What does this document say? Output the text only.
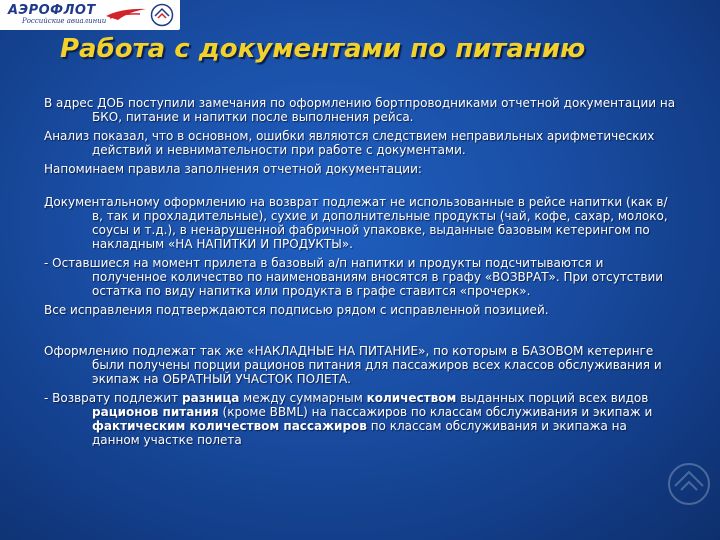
АЭРОФЛОТ
Российские авиалинии
Работа с документами по питанию

В адрес ДОБ поступили замечания по оформлению бортпроводниками отчетной документации на БКО, питание и напитки после выполнения рейса.

Анализ показал, что в основном, ошибки являются следствием неправильных арифметических действий и невнимательности при работе с документами.

Напоминаем правила заполнения отчетной документации:

Документальному оформлению на возврат подлежат не использованные в рейсе напитки (как в/в, так и прохладительные), сухие и дополнительные продукты (чай, кофе, сахар, молоко, соусы и т.д.), в ненарушенной фабричной упаковке, выданные базовым кетерингом по накладным «НА НАПИТКИ И ПРОДУКТЫ».

- Оставшиеся на момент прилета в базовый а/п напитки и продукты подсчитываются и полученное количество по наименованиям вносятся в графу «ВОЗВРАТ». При отсутствии остатка по виду напитка или продукта в графе ставится «прочерк».

Все исправления подтверждаются подписью рядом с исправленной позицией.

Оформлению подлежат так же «НАКЛАДНЫЕ НА ПИТАНИЕ», по которым в БАЗОВОМ кетеринге были получены порции рационов питания для пассажиров всех классов обслуживания и экипаж на ОБРАТНЫЙ УЧАСТОК ПОЛЕТА.

- Возврату подлежит разница между суммарным количеством выданных порций всех видов рационов питания (кроме ВВМL) на пассажиров по классам обслуживания и экипаж и фактическим количеством пассажиров по классам обслуживания и экипажа на данном участке полета
